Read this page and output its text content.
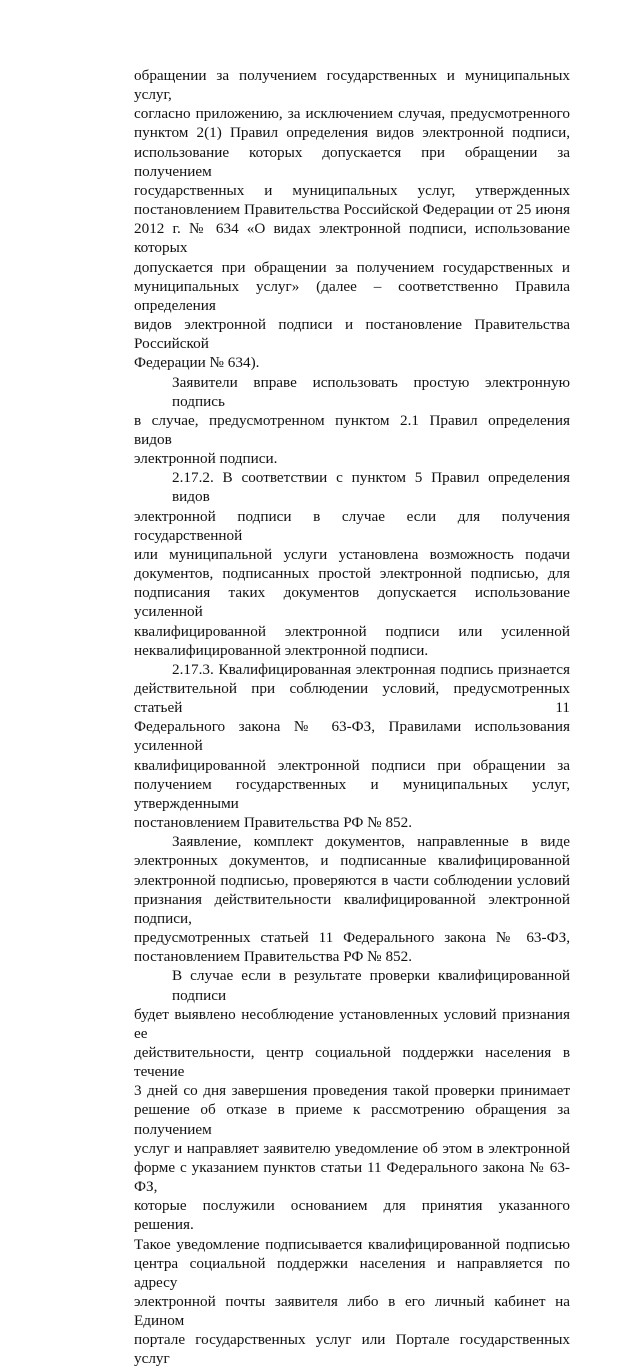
обращении за получением государственных и муниципальных услуг,
согласно приложению, за исключением случая, предусмотренного
пунктом 2(1) Правил определения видов электронной подписи,
использование которых допускается при обращении за получением
государственных и муниципальных услуг, утвержденных
постановлением Правительства Российской Федерации от 25 июня
2012 г. № 634 «О видах электронной подписи, использование которых
допускается при обращении за получением государственных и
муниципальных услуг» (далее – соответственно Правила определения
видов электронной подписи и постановление Правительства Российской
Федерации № 634).
Заявители вправе использовать простую электронную подпись
в случае, предусмотренном пунктом 2.1 Правил определения видов
электронной подписи.
2.17.2. В соответствии с пунктом 5 Правил определения видов
электронной подписи в случае если для получения государственной
или муниципальной услуги установлена возможность подачи
документов, подписанных простой электронной подписью, для
подписания таких документов допускается использование усиленной
квалифицированной электронной подписи или усиленной
неквалифицированной электронной подписи.
2.17.3. Квалифицированная электронная подпись признается
действительной при соблюдении условий, предусмотренных статьей 11
Федерального закона № 63-ФЗ, Правилами использования усиленной
квалифицированной электронной подписи при обращении за
получением государственных и муниципальных услуг, утвержденными
постановлением Правительства РФ № 852.
Заявление, комплект документов, направленные в виде
электронных документов, и подписанные квалифицированной
электронной подписью, проверяются в части соблюдении условий
признания действительности квалифицированной электронной подписи,
предусмотренных статьей 11 Федерального закона № 63-ФЗ,
постановлением Правительства РФ № 852.
В случае если в результате проверки квалифицированной подписи
будет выявлено несоблюдение установленных условий признания ее
действительности, центр социальной поддержки населения в течение
3 дней со дня завершения проведения такой проверки принимает
решение об отказе в приеме к рассмотрению обращения за получением
услуг и направляет заявителю уведомление об этом в электронной
форме с указанием пунктов статьи 11 Федерального закона № 63-ФЗ,
которые послужили основанием для принятия указанного решения.
Такое уведомление подписывается квалифицированной подписью
центра социальной поддержки населения и направляется по адресу
электронной почты заявителя либо в его личный кабинет на Едином
портале государственных услуг или Портале государственных услуг
